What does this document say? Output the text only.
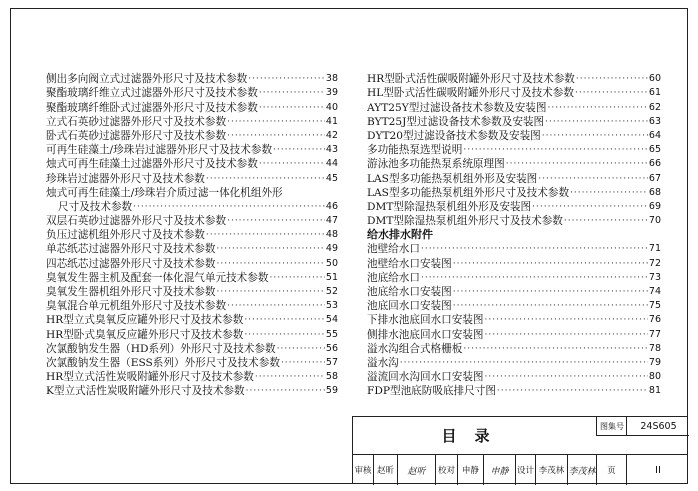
侧出多向阀立式过滤器外形尺寸及技术参数 ·····	38
聚酯玻璃纤维立式过滤器外形尺寸及技术参数 ·····	39
聚酯玻璃纤维卧式过滤器外形尺寸及技术参数 ·····	40
立式石英砂过滤器外形尺寸及技术参数 ·····	41
卧式石英砂过滤器外形尺寸及技术参数 ·····	42
可再生硅藻土/珍珠岩过滤器外形尺寸及技术参数 ·····	43
烛式可再生硅藻土过滤器外形尺寸及技术参数 ·····	44
珍珠岩过滤器外形尺寸及技术参数 ·····	45
烛式可再生硅藻土/珍珠岩介质过滤一体化机组外形
尺寸及技术参数 ·····	46
双层石英砂过滤器外形尺寸及技术参数 ·····	47
负压过滤机组外形尺寸及技术参数 ·····	48
单芯纸芯过滤器外形尺寸及技术参数 ·····	49
四芯纸芯过滤器外形尺寸及技术参数 ·····	50
臭氧发生器主机及配套一体化混气单元技术参数 ·····	51
臭氧发生器机组外形尺寸及技术参数 ·····	52
臭氧混合单元机组外形尺寸及技术参数 ·····	53
HR型立式臭氧反应罐外形尺寸及技术参数 ·····	54
HR型卧式臭氧反应罐外形尺寸及技术参数 ·····	55
次氯酸钠发生器（HD系列）外形尺寸及技术参数 ·····	56
次氯酸钠发生器（ESS系列）外形尺寸及技术参数 ·····	57
HR型立式活性炭吸附罐外形尺寸及技术参数 ·····	58
K型立式活性炭吸附罐外形尺寸及技术参数 ·····	59
HR型卧式活性碳吸附罐外形尺寸及技术参数 ·····	60
HL型卧式活性碳吸附罐外形尺寸及技术参数 ·····	61
AYT25Y型过滤设备技术参数及安装图 ·····	62
BYT25J型过滤设备技术参数及安装图 ·····	63
DYT20型过滤设备技术参数及安装图 ·····	64
多功能热泵选型说明 ·····	65
游泳池多功能热泵系统原理图 ·····	66
LAS型多功能热泵机组外形及安装图 ·····	67
LAS型多功能热泵机组外形尺寸及技术参数 ·····	68
DMT型除湿热泵机组外形及安装图 ·····	69
DMT型除湿热泵机组外形尺寸及技术参数 ·····	70
给水排水附件
池壁给水口 ·····	71
池壁给水口安装图 ·····	72
池底给水口 ·····	73
池底给水口安装图 ·····	74
池底回水口安装图 ·····	75
下排水池底回水口安装图 ·····	76
侧排水池底回水口安装图 ·····	77
溢水沟组合式格栅板 ·····	78
溢水沟 ·····	79
溢流回水沟回水口安装图 ·····	80
FDP型池底防吸底排尺寸图 ·····	81
目录
图集号	24S605
审核 赵昕	赵听	校对 申静	申静 设计 李茂林 李茂林	页	II
